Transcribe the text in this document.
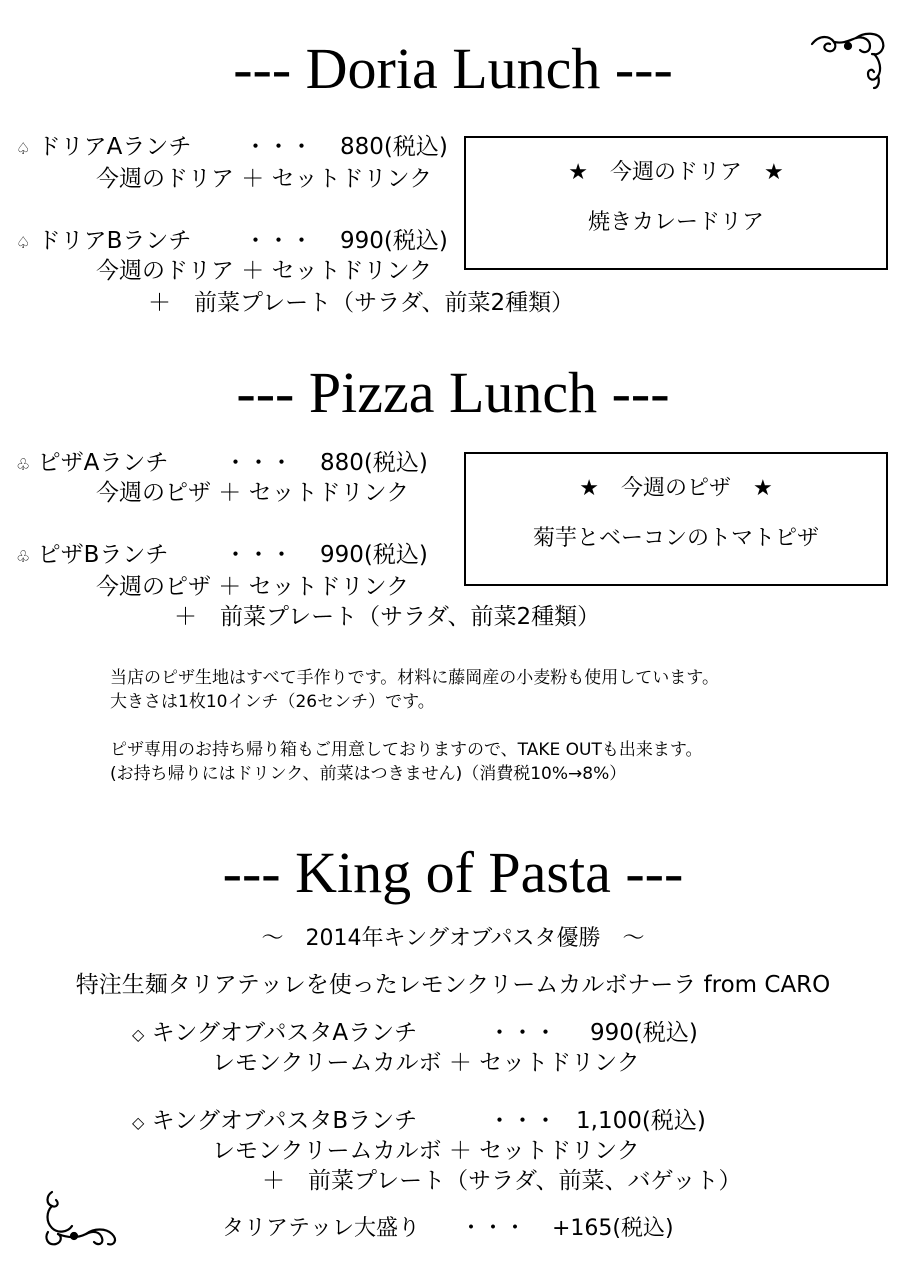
--- Doria Lunch ---
♤ ドリアAランチ ・・・ 880(税込)
今週のドリア ＋ セットドリンク
♤ ドリアBランチ ・・・ 990(税込)
今週のドリア ＋ セットドリンク
＋　前菜プレート（サラダ、前菜2種類）
★　今週のドリア　★
焼きカレードリア
--- Pizza Lunch ---
♧ ピザAランチ ・・・ 880(税込)
今週のピザ ＋ セットドリンク
♧ ピザBランチ ・・・ 990(税込)
今週のピザ ＋ セットドリンク
＋　前菜プレート（サラダ、前菜2種類）
★　今週のピザ　★
菊芋とベーコンのトマトピザ
当店のピザ生地はすべて手作りです。材料に藤岡産の小麦粉も使用しています。
大きさは1枚10インチ（26センチ）です。
ピザ専用のお持ち帰り箱もご用意しておりますので、TAKE OUTも出来ます。
(お持ち帰りにはドリンク、前菜はつきません)（消費税10%→8%）
--- King of Pasta ---
～　2014年キングオブパスタ優勝　～
特注生麺タリアテッレを使ったレモンクリームカルボナーラ from CARO
◇ キングオブパスタAランチ	・・・ 990(税込)
レモンクリームカルボ ＋ セットドリンク
◇ キングオブパスタBランチ	・・・ 1,100(税込)
レモンクリームカルボ ＋ セットドリンク
＋　前菜プレート（サラダ、前菜、バゲット）
タリアテッレ大盛り ・・・ +165(税込)
